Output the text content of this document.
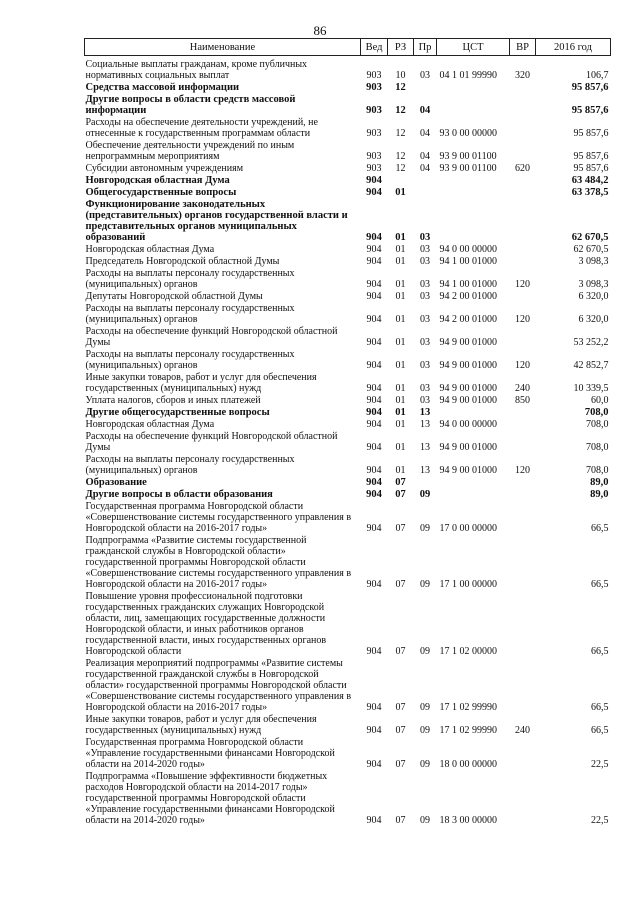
86
Наименование	Вед	РЗ	Пр	ЦСТ	ВР	2016 год
Социальные выплаты гражданам, кроме публичных нормативных социальных выплат	903	10	03	04 1 01 99990	320	106,7
Средства массовой информации	903	12				95 857,6
Другие вопросы в области средств массовой информации	903	12	04			95 857,6
Расходы на обеспечение деятельности учреждений, не отнесенные к государственным программам области	903	12	04	93 0 00 00000		95 857,6
Обеспечение деятельности учреждений по иным непрограммным мероприятиям	903	12	04	93 9 00 01100		95 857,6
Субсидии автономным учреждениям	903	12	04	93 9 00 01100	620	95 857,6
Новгородская областная Дума	904					63 484,2
Общегосударственные вопросы	904	01				63 378,5
Функционирование законодательных (представительных) органов государственной власти и представительных органов муниципальных образований	904	01	03			62 670,5
Новгородская областная Дума	904	01	03	94 0 00 00000		62 670,5
Председатель Новгородской областной Думы	904	01	03	94 1 00 01000		3 098,3
Расходы на выплаты персоналу государственных (муниципальных) органов	904	01	03	94 1 00 01000	120	3 098,3
Депутаты Новгородской областной Думы	904	01	03	94 2 00 01000		6 320,0
Расходы на выплаты персоналу государственных (муниципальных) органов	904	01	03	94 2 00 01000	120	6 320,0
Расходы на обеспечение функций Новгородской областной Думы	904	01	03	94 9 00 01000		53 252,2
Расходы на выплаты персоналу государственных (муниципальных) органов	904	01	03	94 9 00 01000	120	42 852,7
Иные закупки товаров, работ и услуг для обеспечения государственных (муниципальных) нужд	904	01	03	94 9 00 01000	240	10 339,5
Уплата налогов, сборов и иных платежей	904	01	03	94 9 00 01000	850	60,0
Другие общегосударственные вопросы	904	01	13			708,0
Новгородская областная Дума	904	01	13	94 0 00 00000		708,0
Расходы на обеспечение функций Новгородской областной Думы	904	01	13	94 9 00 01000		708,0
Расходы на выплаты персоналу государственных (муниципальных) органов	904	01	13	94 9 00 01000	120	708,0
Образование	904	07				89,0
Другие вопросы в области образования	904	07	09			89,0
Государственная программа Новгородской области «Совершенствование системы государственного управления в Новгородской области на 2016-2017 годы»	904	07	09	17 0 00 00000		66,5
Подпрограмма «Развитие системы государственной гражданской службы в Новгородской области» государственной программы Новгородской области «Совершенствование системы государственного управления в Новгородской области на 2016-2017 годы»	904	07	09	17 1 00 00000		66,5
Повышение уровня профессиональной подготовки государственных гражданских служащих Новгородской области, лиц, замещающих государственные должности Новгородской области, и иных работников органов государственной власти, иных государственных органов Новгородской области	904	07	09	17 1 02 00000		66,5
Реализация мероприятий подпрограммы «Развитие системы государственной гражданской службы в Новгородской области» государственной программы Новгородской области «Совершенствование системы государственного управления в Новгородской области на 2016-2017 годы»	904	07	09	17 1 02 99990		66,5
Иные закупки товаров, работ и услуг для обеспечения государственных (муниципальных) нужд	904	07	09	17 1 02 99990	240	66,5
Государственная программа Новгородской области «Управление государственными финансами Новгородской области на 2014-2020 годы»	904	07	09	18 0 00 00000		22,5
Подпрограмма «Повышение эффективности бюджетных расходов Новгородской области на 2014-2017 годы» государственной программы Новгородской области «Управление государственными финансами Новгородской области на 2014-2020 годы»	904	07	09	18 3 00 00000		22,5
